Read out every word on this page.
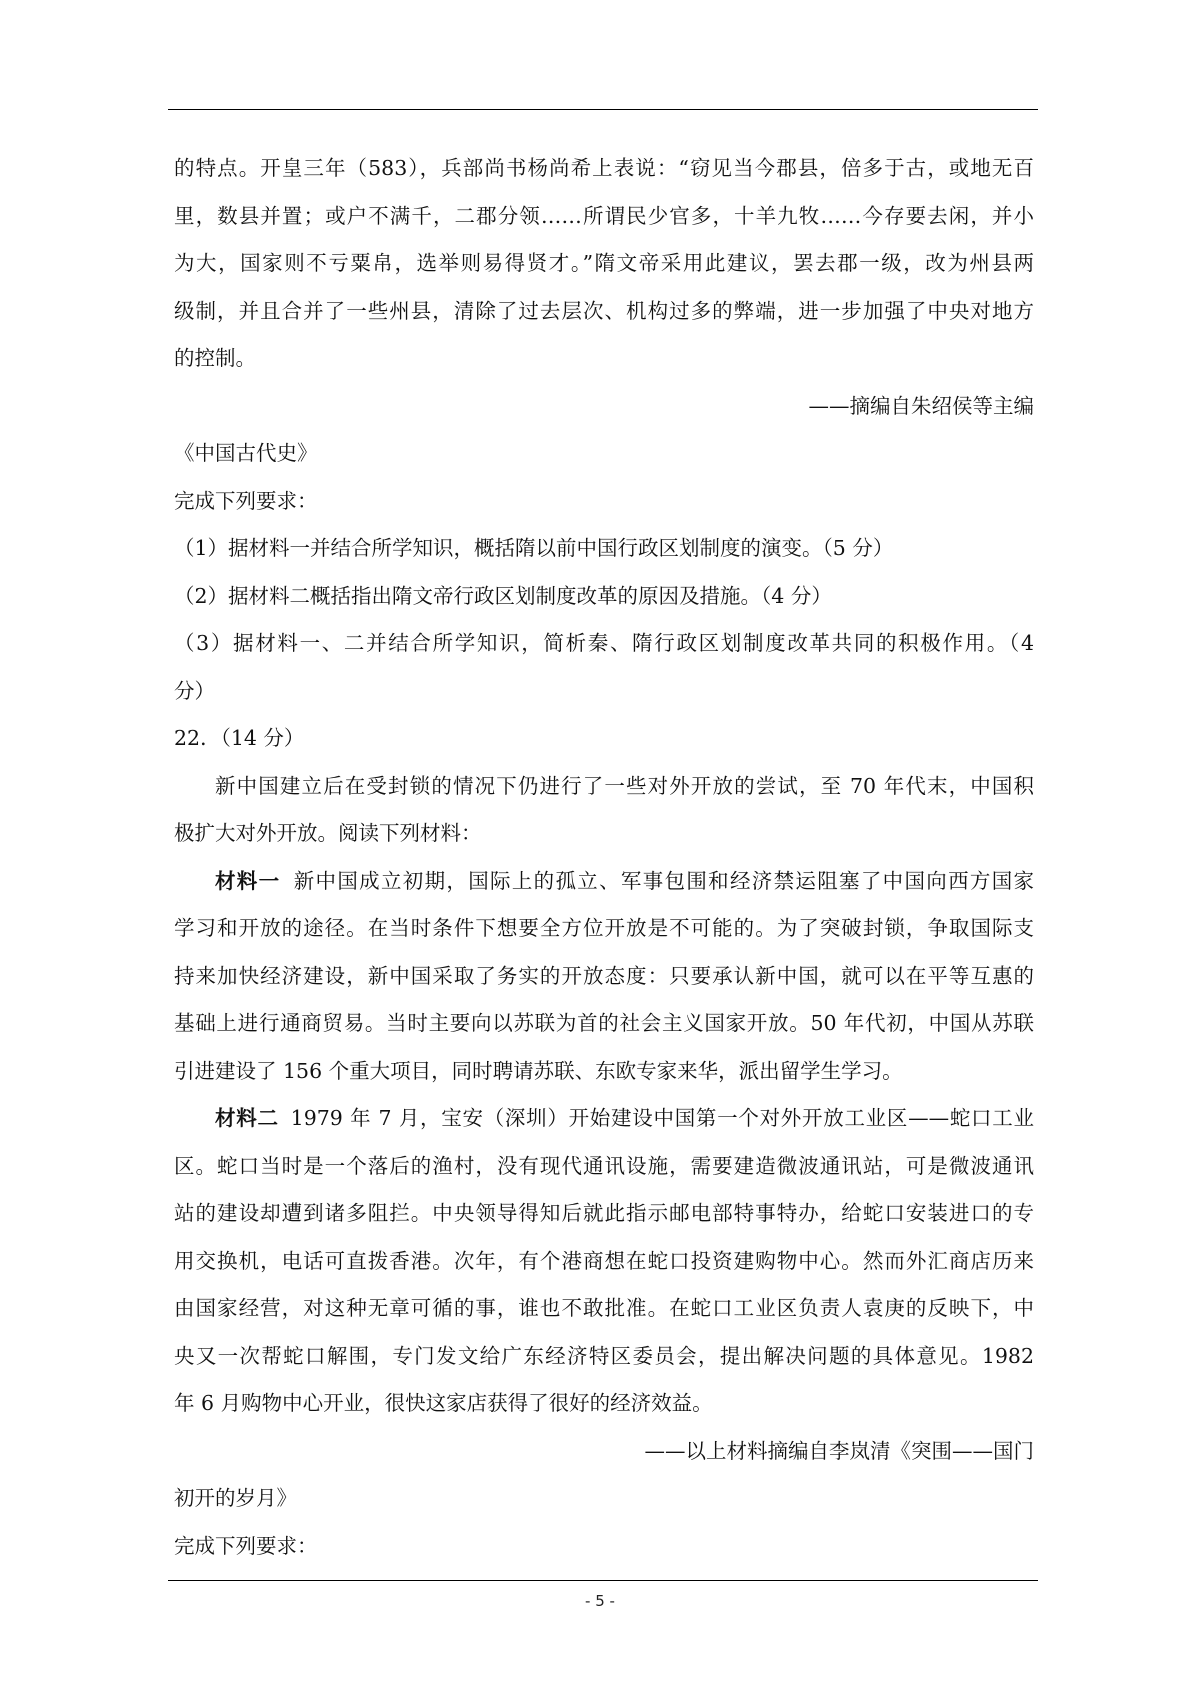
的特点。开皇三年（583），兵部尚书杨尚希上表说：“窃见当今郡县，倍多于古，或地无百
里，数县并置；或户不满千，二郡分领……所谓民少官多，十羊九牧……今存要去闲，并小
为大，国家则不亏粟帛，选举则易得贤才。”隋文帝采用此建议，罢去郡一级，改为州县两
级制，并且合并了一些州县，清除了过去层次、机构过多的弊端，进一步加强了中央对地方
的控制。
——摘编自朱绍侯等主编
《中国古代史》
完成下列要求：
（1）据材料一并结合所学知识，概括隋以前中国行政区划制度的演变。（5 分）
（2）据材料二概括指出隋文帝行政区划制度改革的原因及措施。（4 分）
（3）据材料一、二并结合所学知识，简析秦、隋行政区划制度改革共同的积极作用。（4
分）
22．（14 分）
新中国建立后在受封锁的情况下仍进行了一些对外开放的尝试，至 70 年代末，中国积
极扩大对外开放。阅读下列材料：
材料一 新中国成立初期，国际上的孤立、军事包围和经济禁运阻塞了中国向西方国家
学习和开放的途径。在当时条件下想要全方位开放是不可能的。为了突破封锁，争取国际支
持来加快经济建设，新中国采取了务实的开放态度：只要承认新中国，就可以在平等互惠的
基础上进行通商贸易。当时主要向以苏联为首的社会主义国家开放。50 年代初，中国从苏联
引进建设了 156 个重大项目，同时聘请苏联、东欧专家来华，派出留学生学习。
材料二 1979 年 7 月，宝安（深圳）开始建设中国第一个对外开放工业区——蛇口工业
区。蛇口当时是一个落后的渔村，没有现代通讯设施，需要建造微波通讯站，可是微波通讯
站的建设却遭到诸多阻拦。中央领导得知后就此指示邮电部特事特办，给蛇口安装进口的专
用交换机，电话可直拨香港。次年，有个港商想在蛇口投资建购物中心。然而外汇商店历来
由国家经营，对这种无章可循的事，谁也不敢批准。在蛇口工业区负责人袁庚的反映下，中
央又一次帮蛇口解围，专门发文给广东经济特区委员会，提出解决问题的具体意见。1982
年 6 月购物中心开业，很快这家店获得了很好的经济效益。
——以上材料摘编自李岚清《突围——国门
初开的岁月》
完成下列要求：
- 5 -
